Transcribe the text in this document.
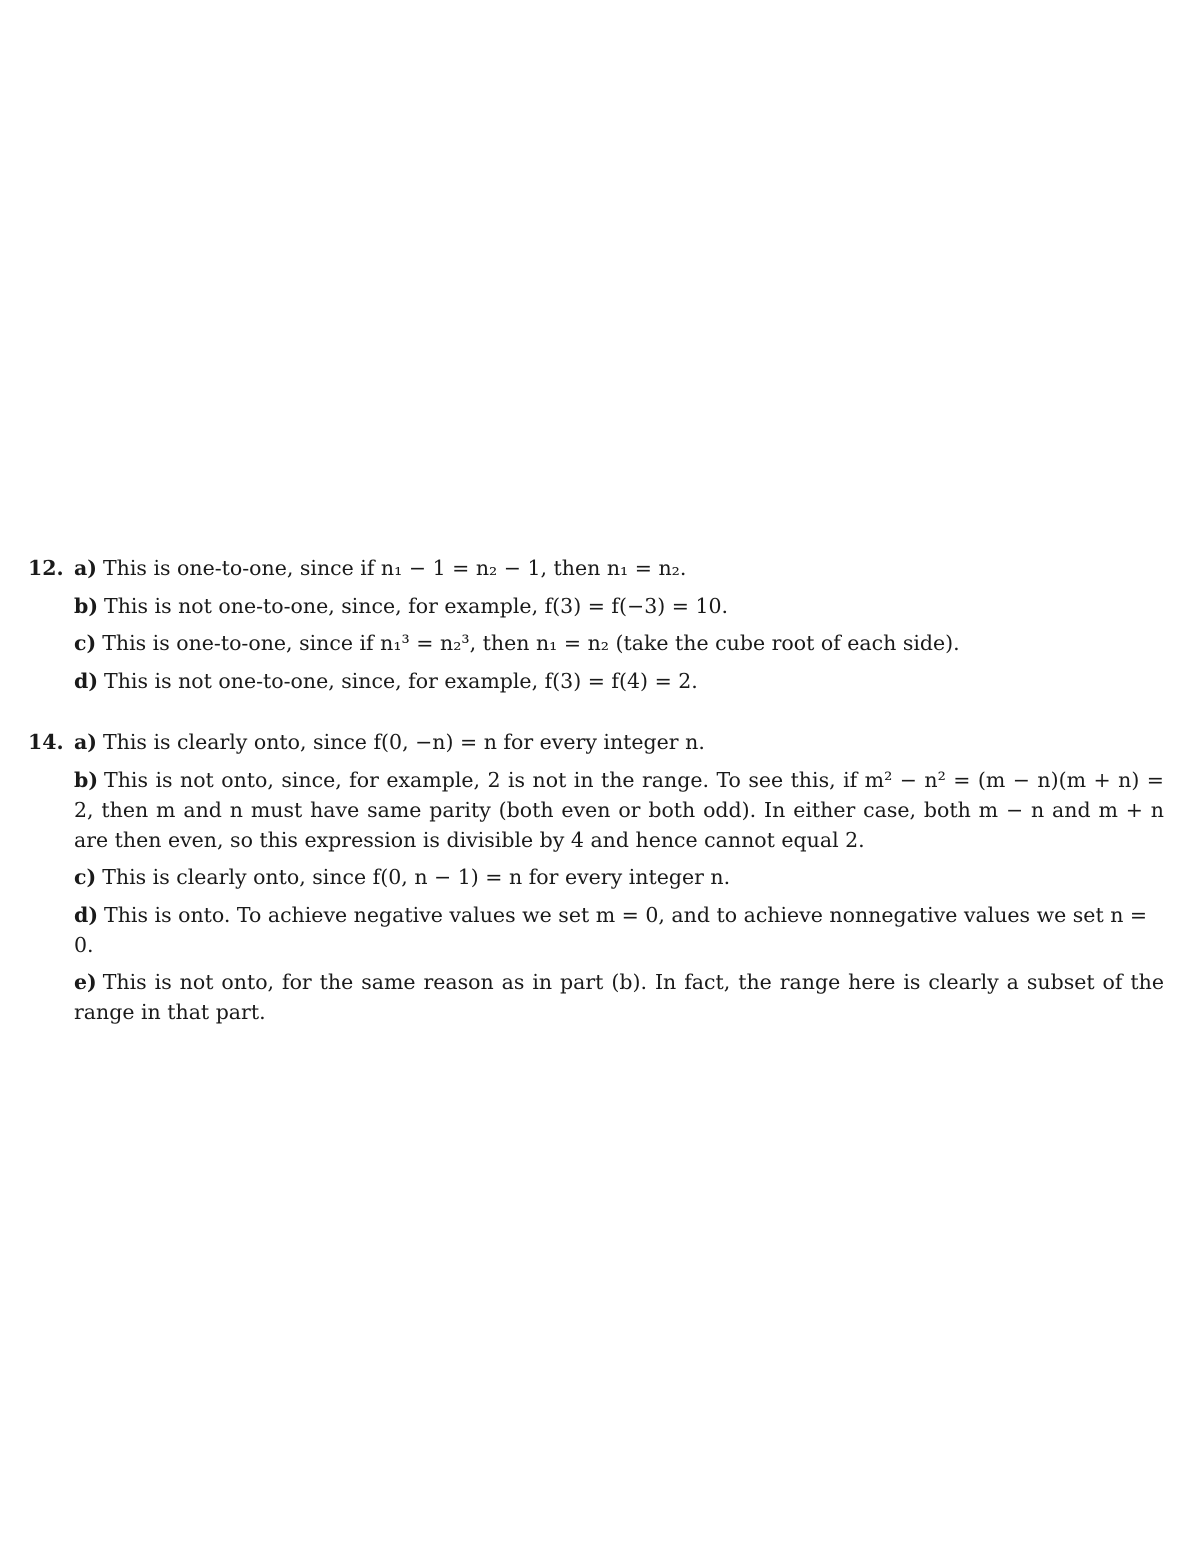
12. a) This is one-to-one, since if n₁ − 1 = n₂ − 1, then n₁ = n₂.
b) This is not one-to-one, since, for example, f(3) = f(−3) = 10.
c) This is one-to-one, since if n₁³ = n₂³, then n₁ = n₂ (take the cube root of each side).
d) This is not one-to-one, since, for example, f(3) = f(4) = 2.
14. a) This is clearly onto, since f(0, −n) = n for every integer n.
b) This is not onto, since, for example, 2 is not in the range. To see this, if m² − n² = (m − n)(m + n) = 2, then m and n must have same parity (both even or both odd). In either case, both m − n and m + n are then even, so this expression is divisible by 4 and hence cannot equal 2.
c) This is clearly onto, since f(0, n − 1) = n for every integer n.
d) This is onto. To achieve negative values we set m = 0, and to achieve nonnegative values we set n = 0.
e) This is not onto, for the same reason as in part (b). In fact, the range here is clearly a subset of the range in that part.
